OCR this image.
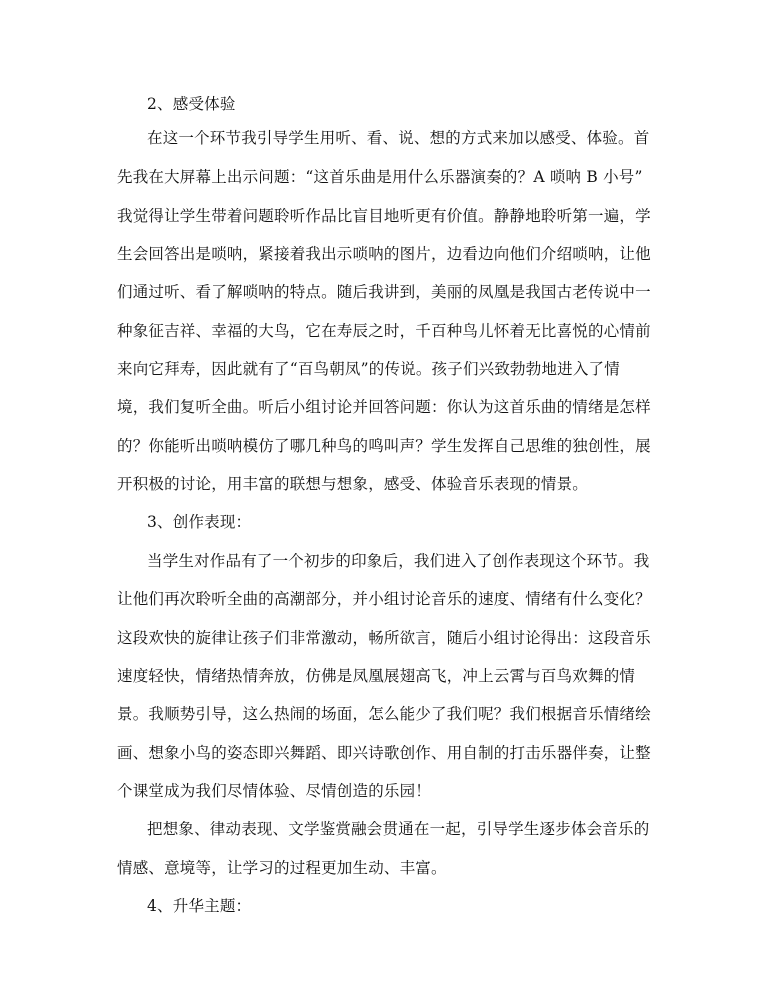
2、感受体验
在这一个环节我引导学生用听、看、说、想的方式来加以感受、体验。首
先我在大屏幕上出示问题：“这首乐曲是用什么乐器演奏的？A 唢呐 B 小号”
我觉得让学生带着问题聆听作品比盲目地听更有价值。静静地聆听第一遍，学
生会回答出是唢呐，紧接着我出示唢呐的图片，边看边向他们介绍唢呐，让他
们通过听、看了解唢呐的特点。随后我讲到，美丽的凤凰是我国古老传说中一
种象征吉祥、幸福的大鸟，它在寿辰之时，千百种鸟儿怀着无比喜悦的心情前
来向它拜寿，因此就有了“百鸟朝凤”的传说。孩子们兴致勃勃地进入了情
境，我们复听全曲。听后小组讨论并回答问题：你认为这首乐曲的情绪是怎样
的？你能听出唢呐模仿了哪几种鸟的鸣叫声？学生发挥自己思维的独创性，展
开积极的讨论，用丰富的联想与想象，感受、体验音乐表现的情景。
3、创作表现：
当学生对作品有了一个初步的印象后，我们进入了创作表现这个环节。我
让他们再次聆听全曲的高潮部分，并小组讨论音乐的速度、情绪有什么变化？
这段欢快的旋律让孩子们非常激动，畅所欲言，随后小组讨论得出：这段音乐
速度轻快，情绪热情奔放，仿佛是凤凰展翅高飞，冲上云霄与百鸟欢舞的情
景。我顺势引导，这么热闹的场面，怎么能少了我们呢？我们根据音乐情绪绘
画、想象小鸟的姿态即兴舞蹈、即兴诗歌创作、用自制的打击乐器伴奏，让整
个课堂成为我们尽情体验、尽情创造的乐园！
把想象、律动表现、文学鉴赏融会贯通在一起，引导学生逐步体会音乐的
情感、意境等，让学习的过程更加生动、丰富。
4、升华主题：
